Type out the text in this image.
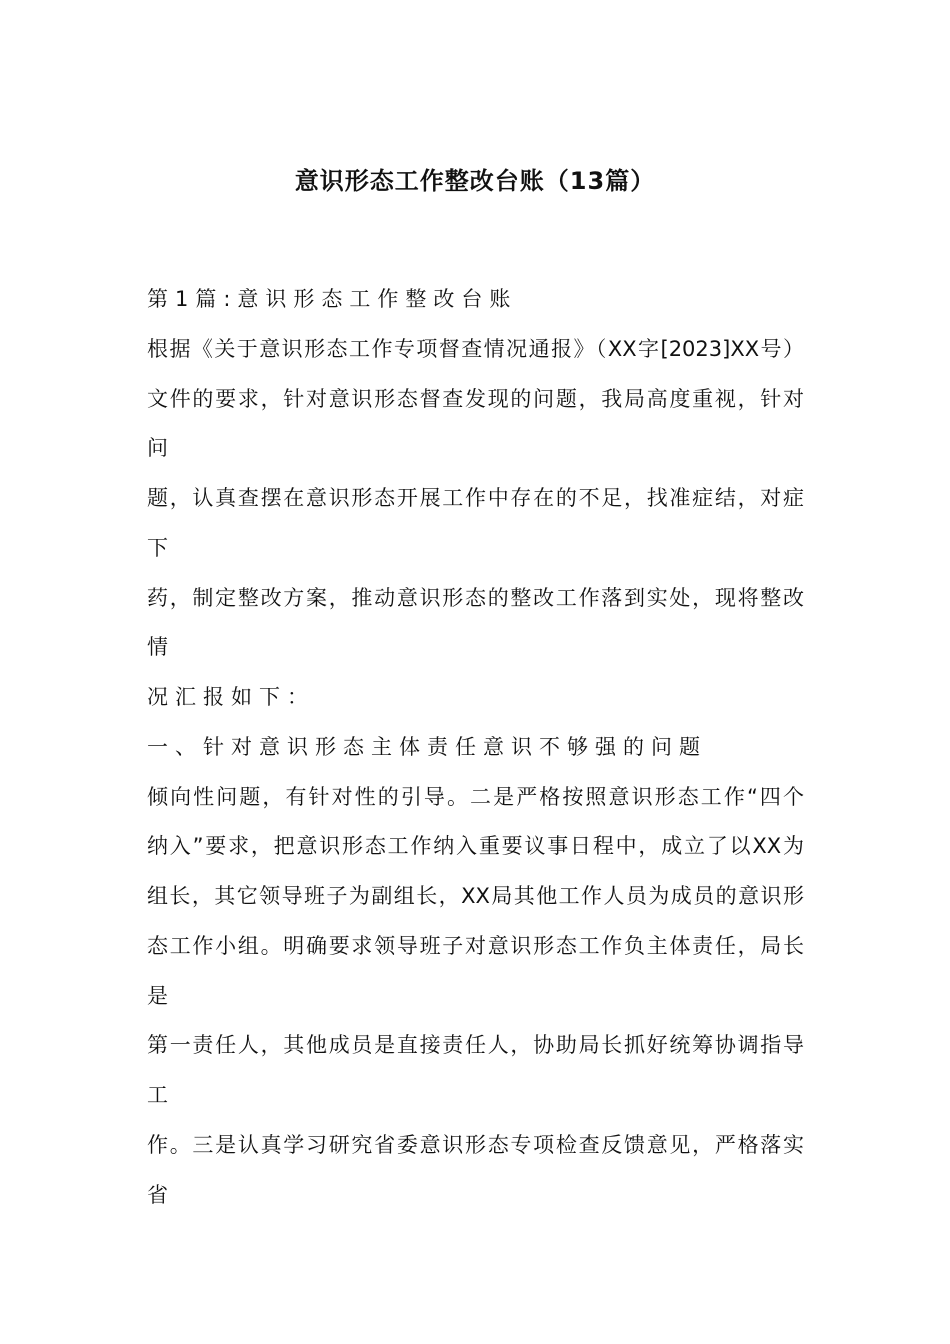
意识形态工作整改台账（13篇）
第1篇:意识形态工作整改台账
根据《关于意识形态工作专项督查情况通报》（XX字[2023]XX号）
文件的要求，针对意识形态督查发现的问题，我局高度重视，针对
问
题，认真查摆在意识形态开展工作中存在的不足，找准症结，对症
下
药，制定整改方案，推动意识形态的整改工作落到实处，现将整改
情
况汇报如下：
一、针对意识形态主体责任意识不够强的问题
倾向性问题，有针对性的引导。二是严格按照意识形态工作“四个
纳入”要求，把意识形态工作纳入重要议事日程中，成立了以XX为
组长，其它领导班子为副组长，XX局其他工作人员为成员的意识形
态工作小组。明确要求领导班子对意识形态工作负主体责任，局长
是
第一责任人，其他成员是直接责任人，协助局长抓好统筹协调指导
工
作。三是认真学习研究省委意识形态专项检查反馈意见，严格落实
省
